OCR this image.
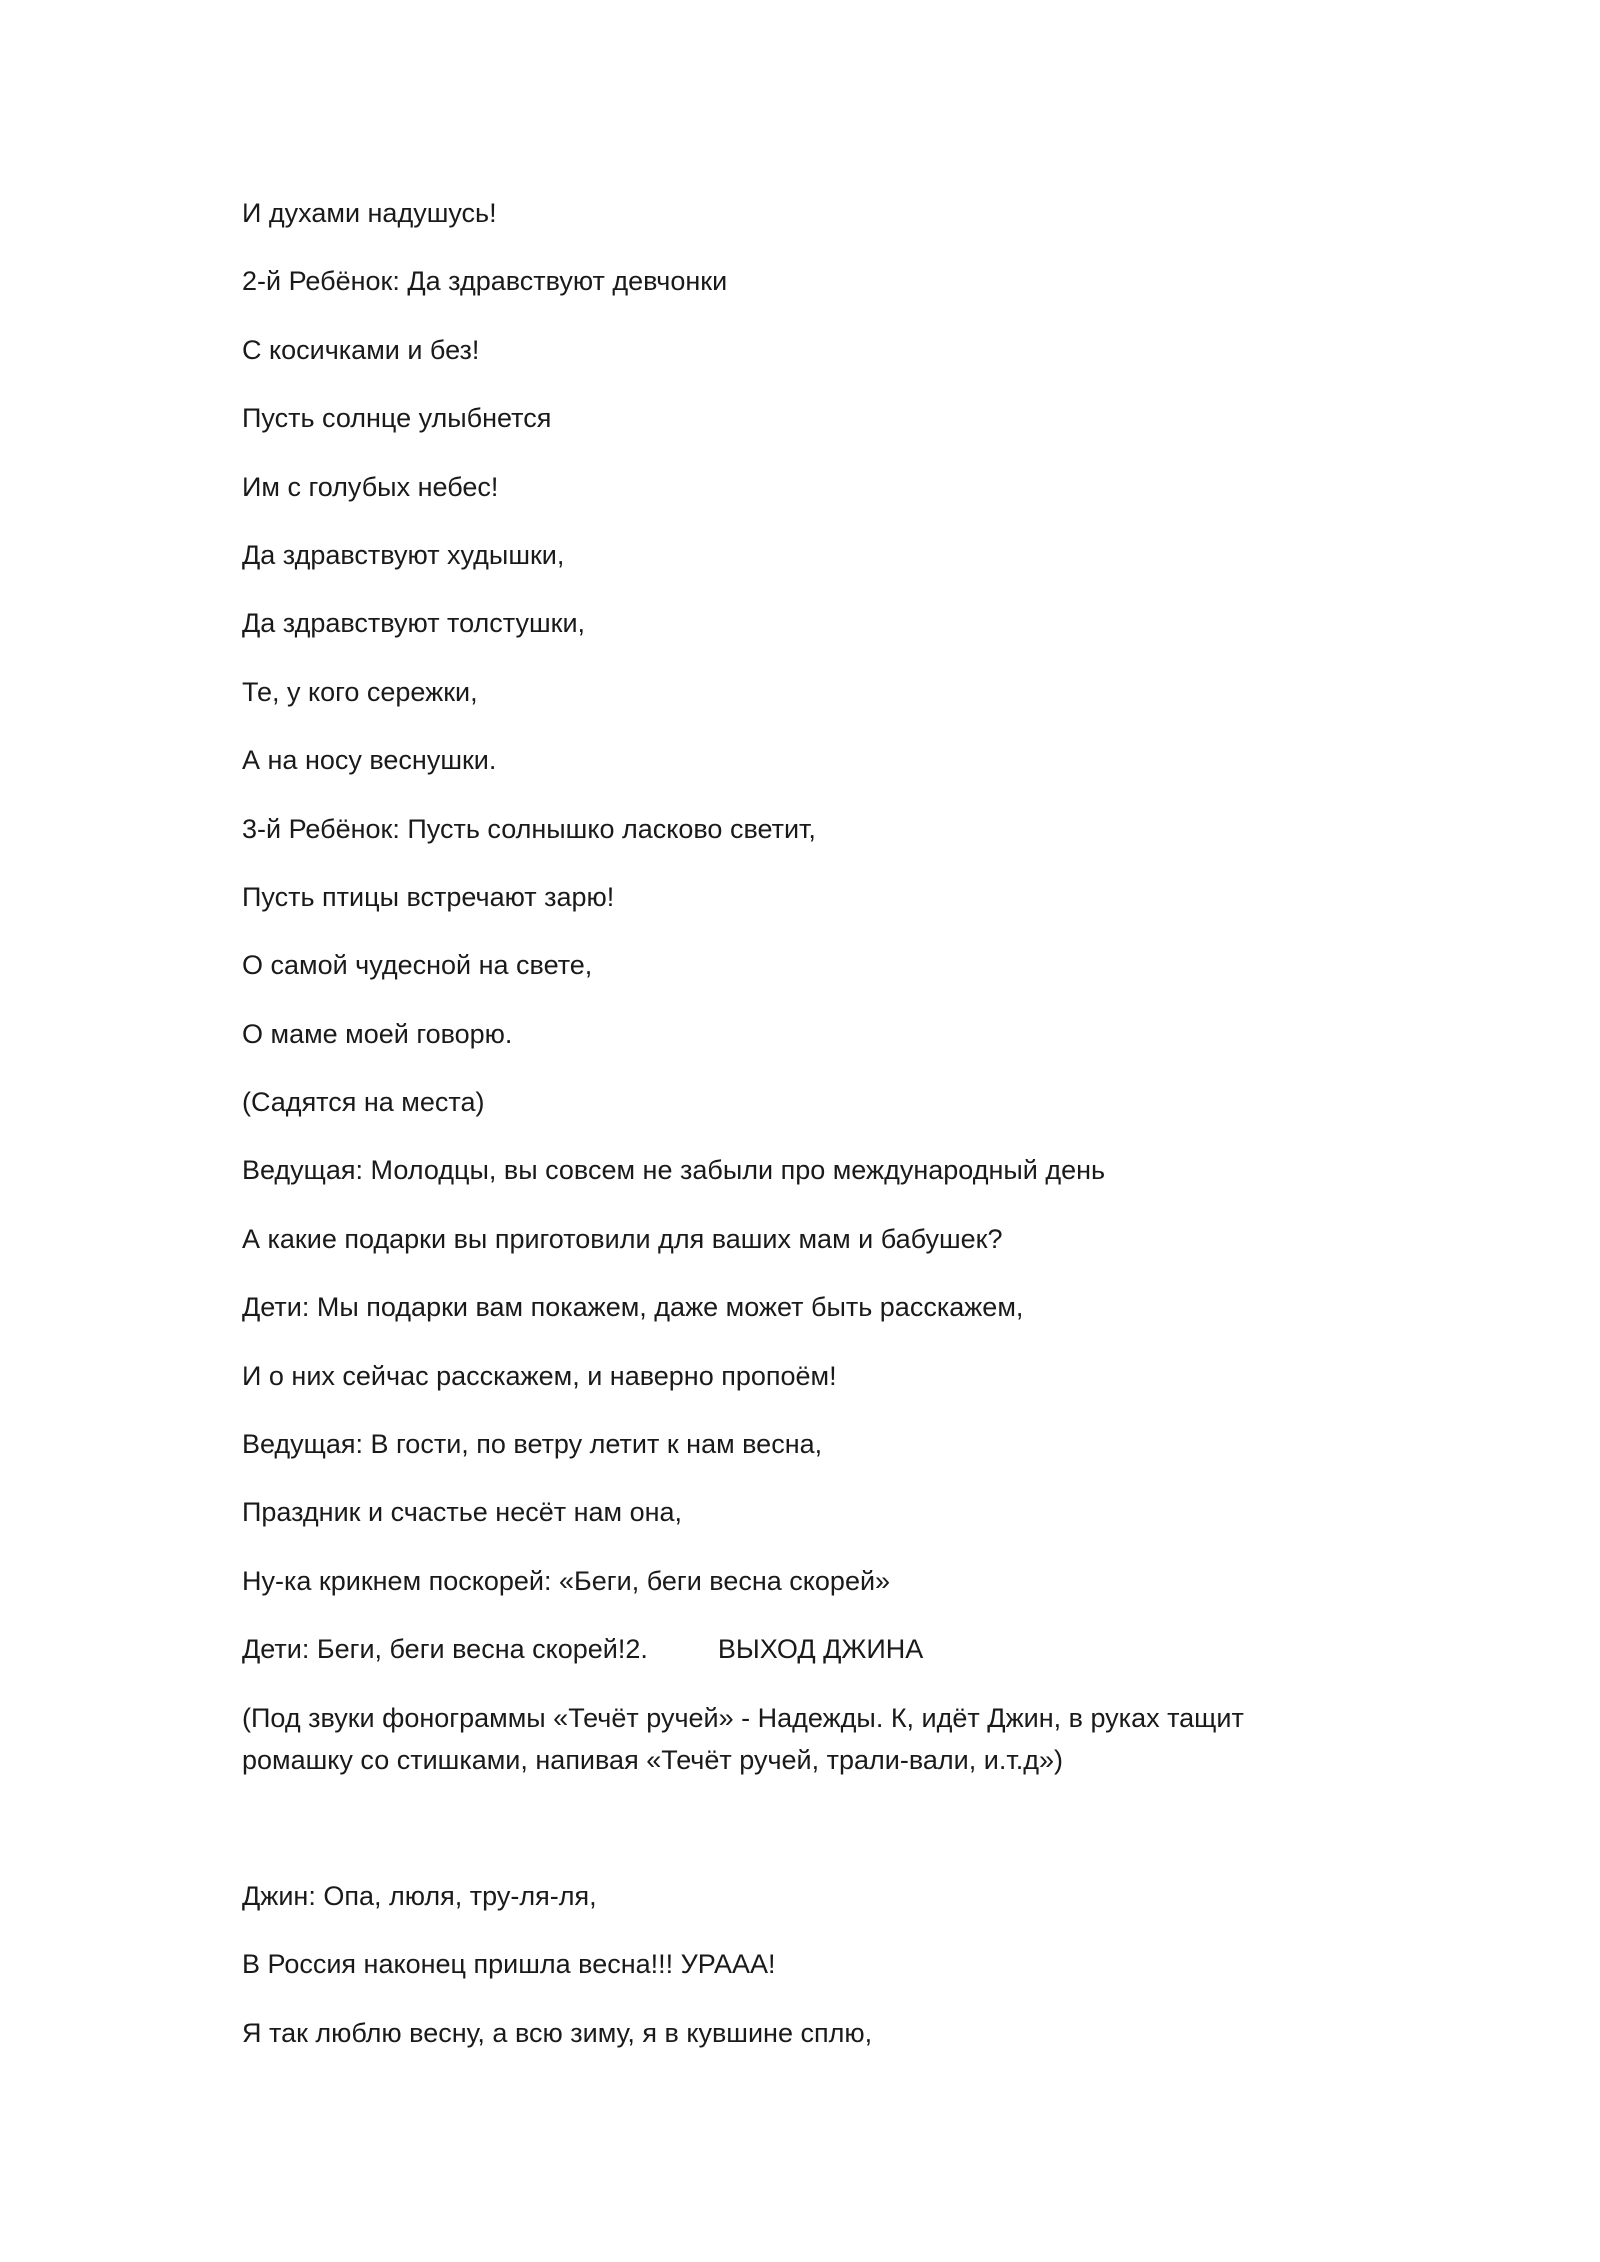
И духами надушусь!
2-й Ребёнок: Да здравствуют девчонки
С косичками и без!
Пусть солнце улыбнется
Им с голубых небес!
Да здравствуют худышки,
Да здравствуют толстушки,
Те, у кого сережки,
А на носу веснушки.
3-й Ребёнок: Пусть солнышко ласково светит,
Пусть птицы встречают зарю!
О самой чудесной на свете,
О маме моей говорю.
(Садятся на места)
Ведущая: Молодцы, вы совсем не забыли про международный день
А какие подарки вы приготовили для ваших мам и бабушек?
Дети: Мы подарки вам покажем, даже может быть расскажем,
И о них сейчас расскажем, и наверно пропоём!
Ведущая: В гости, по ветру летит к нам весна,
Праздник и счастье несёт нам она,
Ну-ка крикнем поскорей: «Беги, беги весна скорей»
Дети: Беги, беги весна скорей!2.	ВЫХОД ДЖИНА
(Под звуки фонограммы «Течёт ручей» - Надежды. К, идёт Джин, в руках тащит
ромашку со стишками, напивая «Течёт ручей, трали-вали, и.т.д»)
Джин: Опа, люля, тру-ля-ля,
В Россия наконец пришла весна!!! УРААА!
Я так люблю весну, а всю зиму, я в кувшине сплю,
